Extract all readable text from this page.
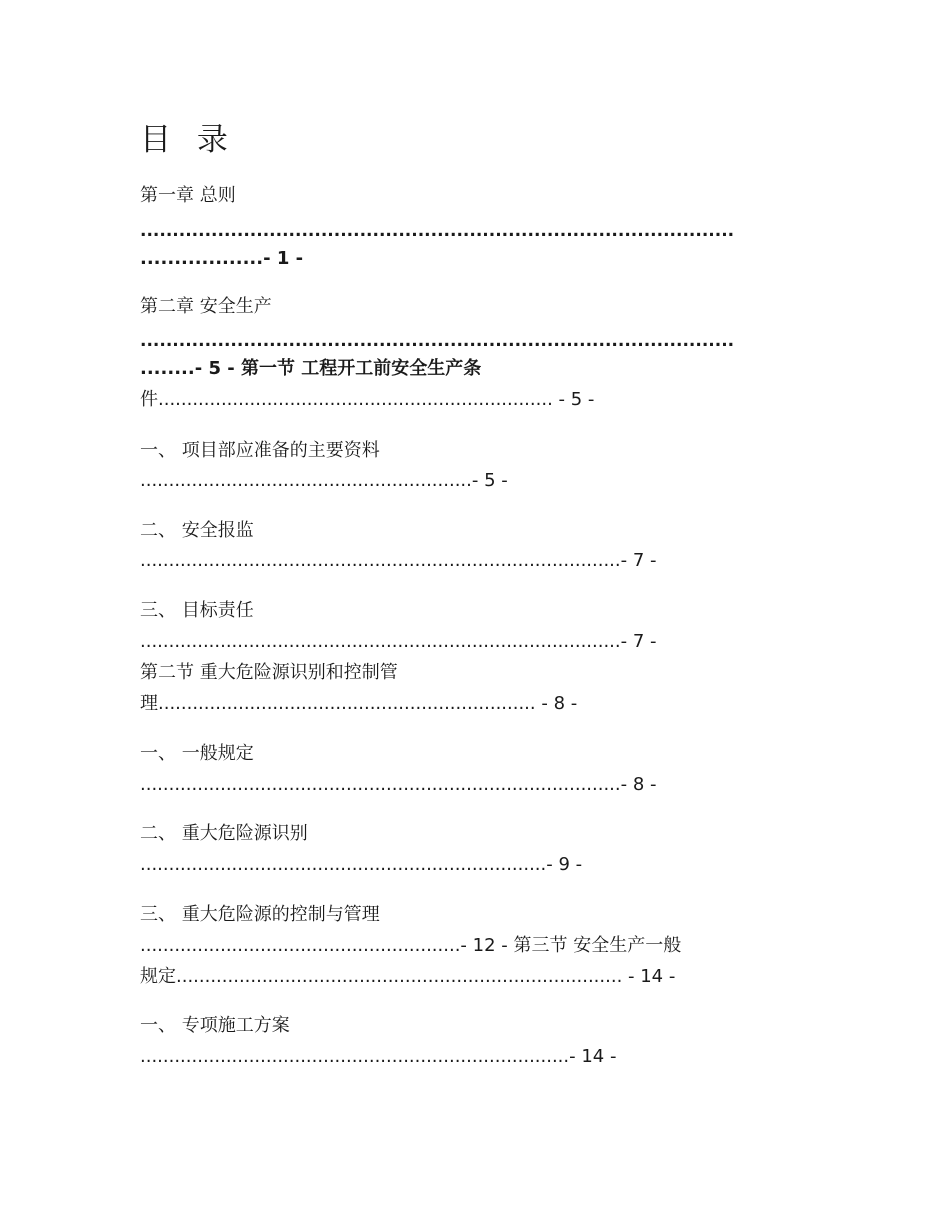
目 录
第一章 总则
............................................................................................
..................- 1 -
第二章 安全生产
............................................................................................
........- 5 - 第一节 工程开工前安全生产条
件..................................................................... - 5 -
一、 项目部应准备的主要资料
..........................................................- 5 -
二、 安全报监
....................................................................................- 7 -
三、 目标责任
....................................................................................- 7 -
第二节 重大危险源识别和控制管
理.................................................................. - 8 -
一、 一般规定
....................................................................................- 8 -
二、 重大危险源识别
.......................................................................- 9 -
三、 重大危险源的控制与管理
........................................................- 12 - 第三节 安全生产一般
规定.............................................................................. - 14 -
一、 专项施工方案
...........................................................................- 14 -
